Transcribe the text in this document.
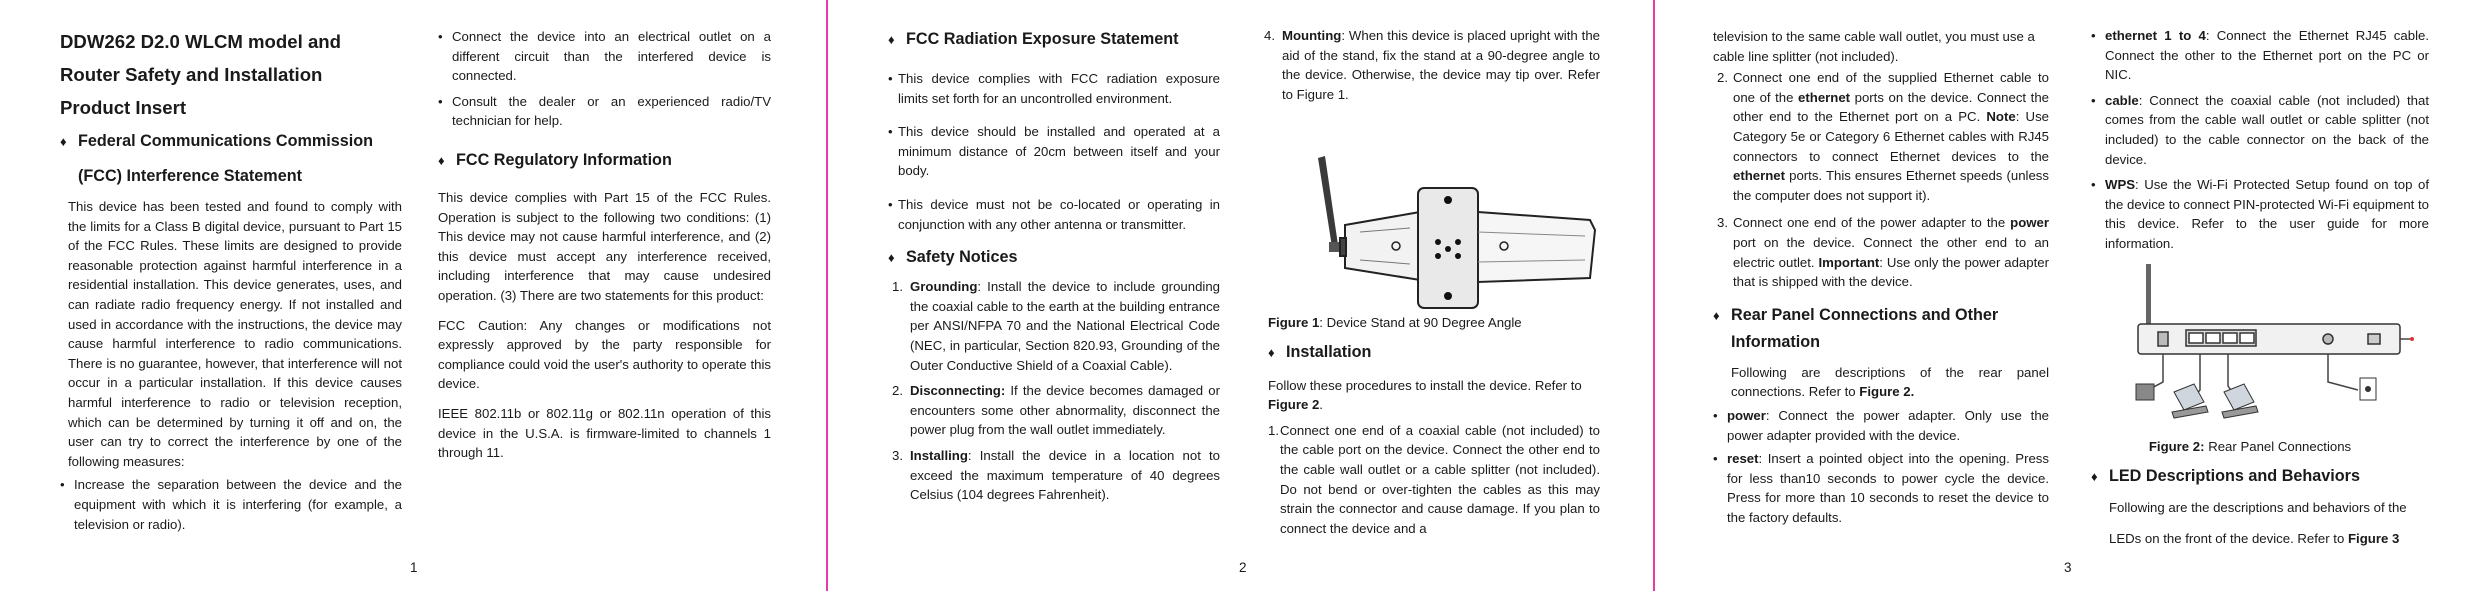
DDW262 D2.0 WLCM model and
Router Safety and Installation
Product Insert
♦ Federal Communications Commission
(FCC) Interference Statement

This device has been tested and found to comply with the limits for a Class B digital device, pursuant to Part 15 of the FCC Rules. These limits are designed to provide reasonable protection against harmful interference in a residential installation. This device generates, uses, and can radiate radio frequency energy. If not installed and used in accordance with the instructions, the device may cause harmful interference to radio communications. There is no guarantee, however, that interference will not occur in a particular installation. If this device causes harmful interference to radio or television reception, which can be determined by turning it off and on, the user can try to correct the interference by one of the following measures:

• Increase the separation between the device and the equipment with which it is interfering (for example, a television or radio).
1
• Connect the device into an electrical outlet on a different circuit than the interfered device is connected.
• Consult the dealer or an experienced radio/TV technician for help.
♦ FCC Regulatory Information

This device complies with Part 15 of the FCC Rules. Operation is subject to the following two conditions: (1) This device may not cause harmful interference, and (2) this device must accept any interference received, including interference that may cause undesired operation. (3) There are two statements for this product:

FCC Caution: Any changes or modifications not expressly approved by the party responsible for compliance could void the user's authority to operate this device.

IEEE 802.11b or 802.11g or 802.11n operation of this device in the U.S.A. is firmware-limited to channels 1 through 11.

♦ FCC Radiation Exposure Statement
• This device complies with FCC radiation exposure limits set forth for an uncontrolled environment.
• This device should be installed and operated at a minimum distance of 20cm between itself and your body.
• This device must not be co-located or operating in conjunction with any other antenna or transmitter.
♦ Safety Notices
1. Grounding: Install the device to include grounding the coaxial cable to the earth at the building entrance per ANSI/NFPA 70 and the National Electrical Code (NEC, in particular, Section 820.93, Grounding of the Outer Conductive Shield of a Coaxial Cable).
2. Disconnecting: If the device becomes damaged or encounters some other abnormality, disconnect the power plug from the wall outlet immediately.
3. Installing: Install the device in a location not to exceed the maximum temperature of 40 degrees Celsius (104 degrees Fahrenheit).
2
4. Mounting: When this device is placed upright with the aid of the stand, fix the stand at a 90-degree angle to the device. Otherwise, the device may tip over. Refer to Figure 1.
Figure 1: Device Stand at 90 Degree Angle
♦ Installation

Follow these procedures to install the device. Refer to Figure 2.

1. Connect one end of a coaxial cable (not included) to the cable port on the device. Connect the other end to the cable wall outlet or a cable splitter (not included). Do not bend or over-tighten the cables as this may strain the connector and cause damage. If you plan to connect the device and a

television to the same cable wall outlet, you must use a cable line splitter (not included).

2. Connect one end of the supplied Ethernet cable to one of the ethernet ports on the device. Connect the other end to the Ethernet port on a PC. Note: Use Category 5e or Category 6 Ethernet cables with RJ45 connectors to connect Ethernet devices to the ethernet ports. This ensures Ethernet speeds (unless the computer does not support it).
3. Connect one end of the power adapter to the power port on the device. Connect the other end to an electric outlet. Important: Use only the power adapter that is shipped with the device.
♦ Rear Panel Connections and Other
Information

Following are descriptions of the rear panel connections. Refer to Figure 2.

• power: Connect the power adapter. Only use the power adapter provided with the device.
• reset: Insert a pointed object into the opening. Press for less than10 seconds to power cycle the device. Press for more than 10 seconds to reset the device to the factory defaults.
3
• ethernet 1 to 4: Connect the Ethernet RJ45 cable. Connect the other to the Ethernet port on the PC or NIC.
• cable: Connect the coaxial cable (not included) that comes from the cable wall outlet or cable splitter (not included) to the cable connector on the back of the device.
• WPS: Use the Wi-Fi Protected Setup found on top of the device to connect PIN-protected Wi-Fi equipment to this device. Refer to the user guide for more information.
Figure 2: Rear Panel Connections
♦ LED Descriptions and Behaviors

Following are the descriptions and behaviors of the

LEDs on the front of the device. Refer to Figure 3
